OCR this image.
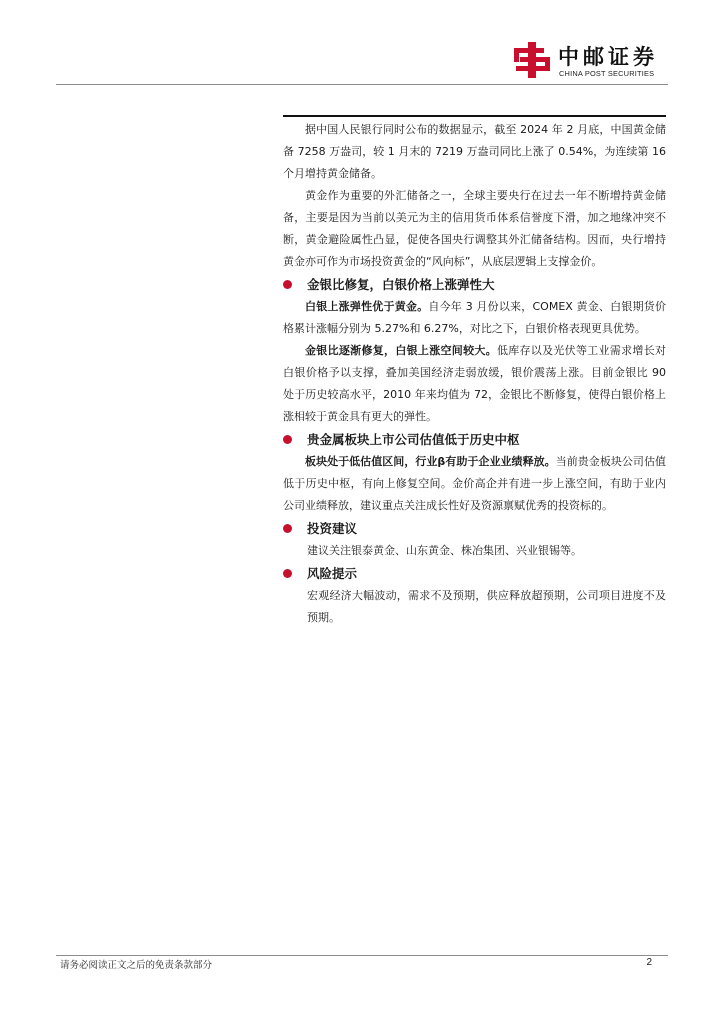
中邮证券
CHINA POST SECURITIES

据中国人民银行同时公布的数据显示，截至 2024 年 2 月底，中国黄金储备 7258 万盎司，较 1 月末的 7219 万盎司同比上涨了 0.54%，为连续第 16 个月增持黄金储备。

黄金作为重要的外汇储备之一，全球主要央行在过去一年不断增持黄金储备，主要是因为当前以美元为主的信用货币体系信誉度下滑，加之地缘冲突不断，黄金避险属性凸显，促使各国央行调整其外汇储备结构。因而，央行增持黄金亦可作为市场投资黄金的“风向标”，从底层逻辑上支撑金价。

金银比修复，白银价格上涨弹性大

白银上涨弹性优于黄金。自今年 3 月份以来，COMEX 黄金、白银期货价格累计涨幅分别为 5.27%和 6.27%，对比之下，白银价格表现更具优势。

金银比逐渐修复，白银上涨空间较大。低库存以及光伏等工业需求增长对白银价格予以支撑，叠加美国经济走弱放缓，银价震荡上涨。目前金银比 90 处于历史较高水平，2010 年来均值为 72，金银比不断修复，使得白银价格上涨相较于黄金具有更大的弹性。

贵金属板块上市公司估值低于历史中枢

板块处于低估值区间，行业β有助于企业业绩释放。当前贵金板块公司估值低于历史中枢，有向上修复空间。金价高企并有进一步上涨空间，有助于业内公司业绩释放，建议重点关注成长性好及资源禀赋优秀的投资标的。

投资建议

建议关注银泰黄金、山东黄金、株冶集团、兴业银锡等。

风险提示

宏观经济大幅波动，需求不及预期，供应释放超预期，公司项目进度不及预期。

请务必阅读正文之后的免责条款部分	2
